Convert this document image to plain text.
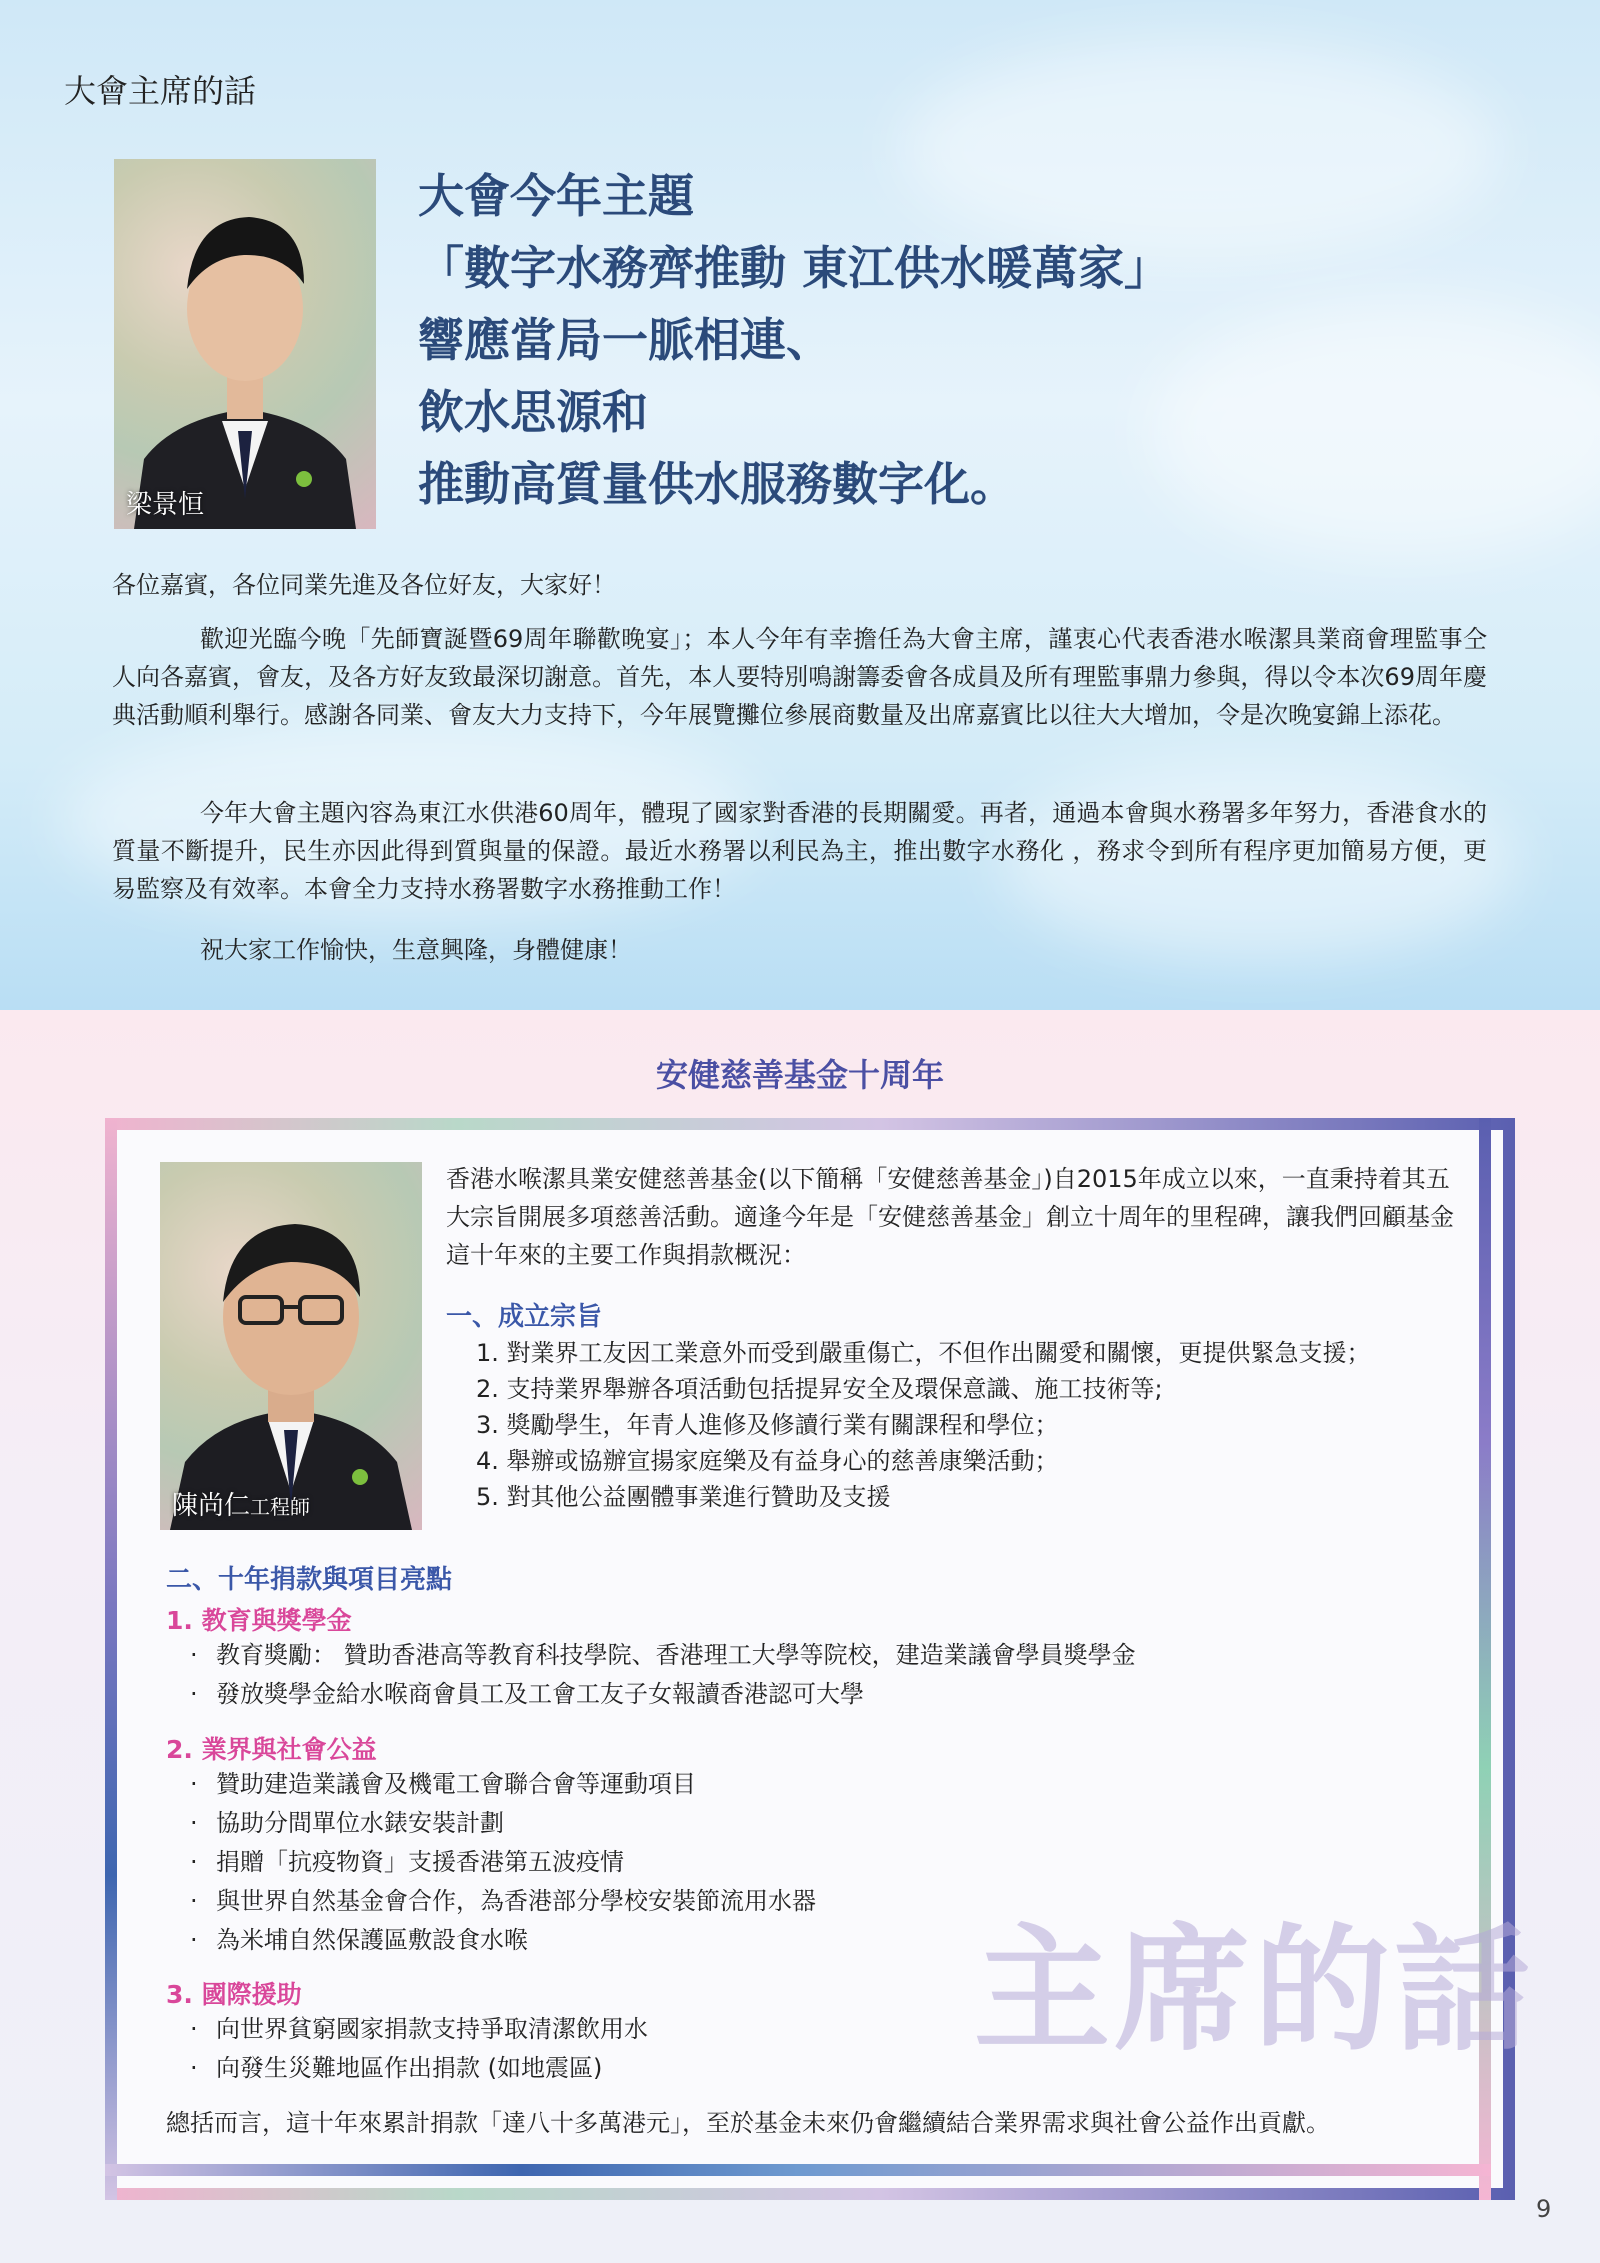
大會主席的話
梁景恒
大會今年主題
「數字水務齊推動 東江供水暖萬家」
響應當局一脈相連、
飲水思源和
推動高質量供水服務數字化。
各位嘉賓，各位同業先進及各位好友，大家好！
歡迎光臨今晚「先師寶誕暨69周年聯歡晚宴」；本人今年有幸擔任為大會主席，謹衷心代表香港水喉潔具業商會理監事仝人向各嘉賓，會友，及各方好友致最深切謝意。首先，本人要特別鳴謝籌委會各成員及所有理監事鼎力參與，得以令本次69周年慶典活動順利舉行。感謝各同業、會友大力支持下，今年展覽攤位參展商數量及出席嘉賓比以往大大增加，令是次晚宴錦上添花。
今年大會主題內容為東江水供港60周年，體現了國家對香港的長期關愛。再者，通過本會與水務署多年努力，香港食水的質量不斷提升，民生亦因此得到質與量的保證。最近水務署以利民為主，推出數字水務化 ，務求令到所有程序更加簡易方便，更易監察及有效率。本會全力支持水務署數字水務推動工作！
祝大家工作愉快，生意興隆，身體健康！
安健慈善基金十周年
陳尚仁工程師
香港水喉潔具業安健慈善基金(以下簡稱「安健慈善基金」)自2015年成立以來，一直秉持着其五大宗旨開展多項慈善活動。適逢今年是「安健慈善基金」創立十周年的里程碑，讓我們回顧基金這十年來的主要工作與捐款概況：
一、成立宗旨
1. 對業界工友因工業意外而受到嚴重傷亡，不但作出關愛和關懷，更提供緊急支援；
2. 支持業界舉辦各項活動包括提昇安全及環保意識、施工技術等;
3. 獎勵學生，年青人進修及修讀行業有關課程和學位；
4. 舉辦或協辦宣揚家庭樂及有益身心的慈善康樂活動；
5. 對其他公益團體事業進行贊助及支援
二、十年捐款與項目亮點
1. 教育與獎學金
· 教育獎勵： 贊助香港高等教育科技學院、香港理工大學等院校，建造業議會學員獎學金
· 發放獎學金給水喉商會員工及工會工友子女報讀香港認可大學
2. 業界與社會公益
· 贊助建造業議會及機電工會聯合會等運動項目
· 協助分間單位水錶安裝計劃
· 捐贈「抗疫物資」支援香港第五波疫情
· 與世界自然基金會合作，為香港部分學校安裝節流用水器
· 為米埔自然保護區敷設食水喉
3. 國際援助
· 向世界貧窮國家捐款支持爭取清潔飲用水
· 向發生災難地區作出捐款 (如地震區)	主席的話
總括而言，這十年來累計捐款「達八十多萬港元」，至於基金未來仍會繼續結合業界需求與社會公益作出貢獻。
9
